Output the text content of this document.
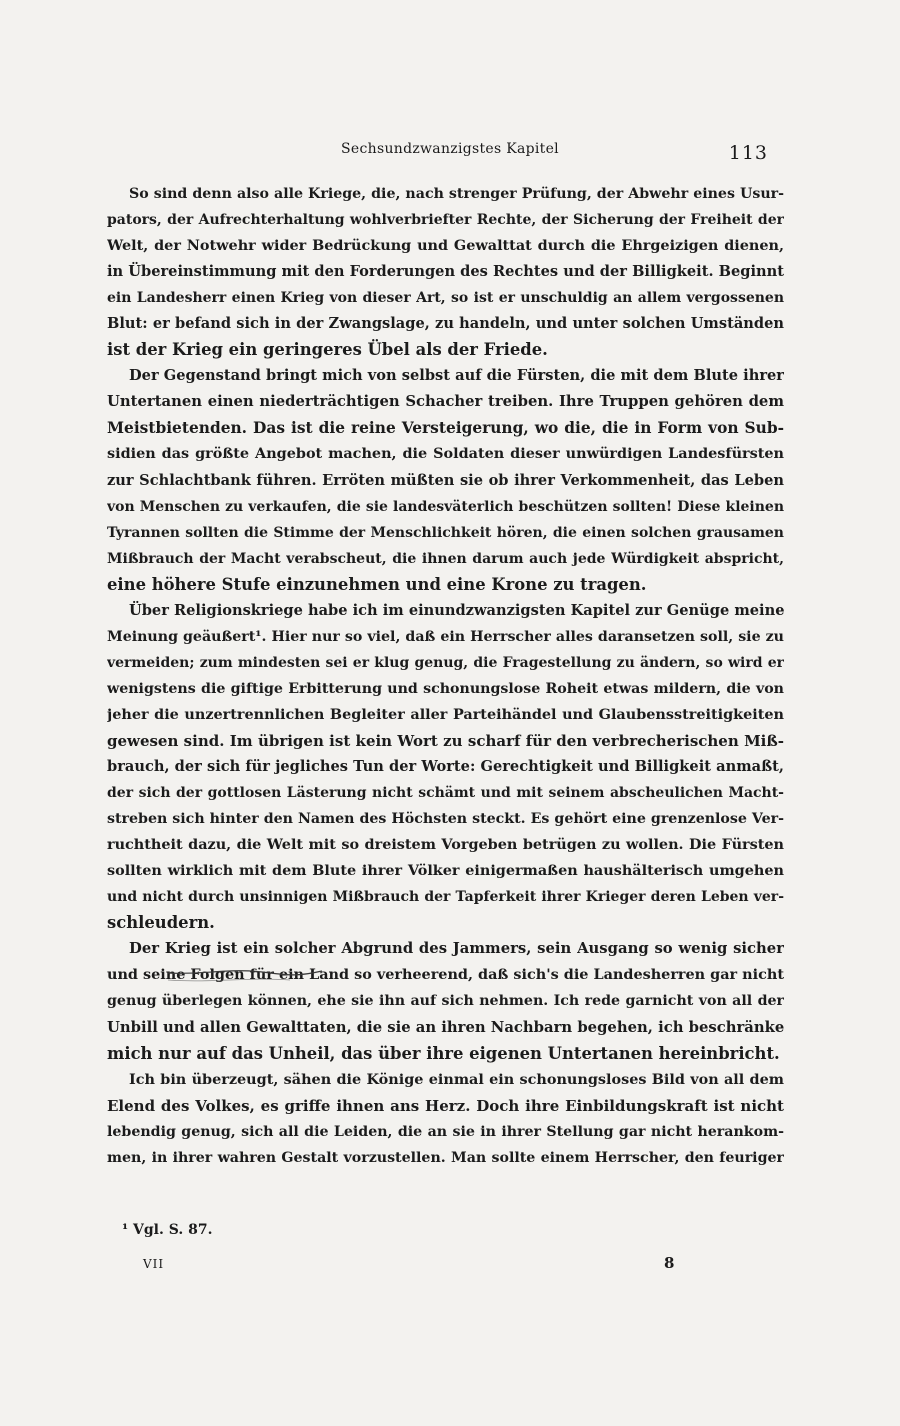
Sechsundzwanzigstes Kapitel	113
So sind denn also alle Kriege, die, nach strenger Prüfung, der Abwehr eines Usur-
pators, der Aufrechterhaltung wohlverbriefter Rechte, der Sicherung der Freiheit der
Welt, der Notwehr wider Bedrückung und Gewalttat durch die Ehrgeizigen dienen,
in Übereinstimmung mit den Forderungen des Rechtes und der Billigkeit. Beginnt
ein Landesherr einen Krieg von dieser Art, so ist er unschuldig an allem vergossenen
Blut: er befand sich in der Zwangslage, zu handeln, und unter solchen Umständen
ist der Krieg ein geringeres Übel als der Friede.
Der Gegenstand bringt mich von selbst auf die Fürsten, die mit dem Blute ihrer
Untertanen einen niederträchtigen Schacher treiben. Ihre Truppen gehören dem
Meistbietenden. Das ist die reine Versteigerung, wo die, die in Form von Sub-
sidien das größte Angebot machen, die Soldaten dieser unwürdigen Landesfürsten
zur Schlachtbank führen. Erröten müßten sie ob ihrer Verkommenheit, das Leben
von Menschen zu verkaufen, die sie landesväterlich beschützen sollten! Diese kleinen
Tyrannen sollten die Stimme der Menschlichkeit hören, die einen solchen grausamen
Mißbrauch der Macht verabscheut, die ihnen darum auch jede Würdigkeit abspricht,
eine höhere Stufe einzunehmen und eine Krone zu tragen.
Über Religionskriege habe ich im einundzwanzigsten Kapitel zur Genüge meine
Meinung geäußert¹. Hier nur so viel, daß ein Herrscher alles daransetzen soll, sie zu
vermeiden; zum mindesten sei er klug genug, die Fragestellung zu ändern, so wird er
wenigstens die giftige Erbitterung und schonungslose Roheit etwas mildern, die von
jeher die unzertrennlichen Begleiter aller Parteihändel und Glaubensstreitigkeiten
gewesen sind. Im übrigen ist kein Wort zu scharf für den verbrecherischen Miß-
brauch, der sich für jegliches Tun der Worte: Gerechtigkeit und Billigkeit anmaßt,
der sich der gottlosen Lästerung nicht schämt und mit seinem abscheulichen Macht-
streben sich hinter den Namen des Höchsten steckt. Es gehört eine grenzenlose Ver-
ruchtheit dazu, die Welt mit so dreistem Vorgeben betrügen zu wollen. Die Fürsten
sollten wirklich mit dem Blute ihrer Völker einigermaßen haushälterisch umgehen
und nicht durch unsinnigen Mißbrauch der Tapferkeit ihrer Krieger deren Leben ver-
schleudern.
Der Krieg ist ein solcher Abgrund des Jammers, sein Ausgang so wenig sicher
und seine Folgen für ein Land so verheerend, daß sich's die Landesherren gar nicht
genug überlegen können, ehe sie ihn auf sich nehmen. Ich rede garnicht von all der
Unbill und allen Gewalttaten, die sie an ihren Nachbarn begehen, ich beschränke
mich nur auf das Unheil, das über ihre eigenen Untertanen hereinbricht.
Ich bin überzeugt, sähen die Könige einmal ein schonungsloses Bild von all dem
Elend des Volkes, es griffe ihnen ans Herz. Doch ihre Einbildungskraft ist nicht
lebendig genug, sich all die Leiden, die an sie in ihrer Stellung gar nicht herankom-
men, in ihrer wahren Gestalt vorzustellen. Man sollte einem Herrscher, den feuriger
¹ Vgl. S. 87.
VII	8
